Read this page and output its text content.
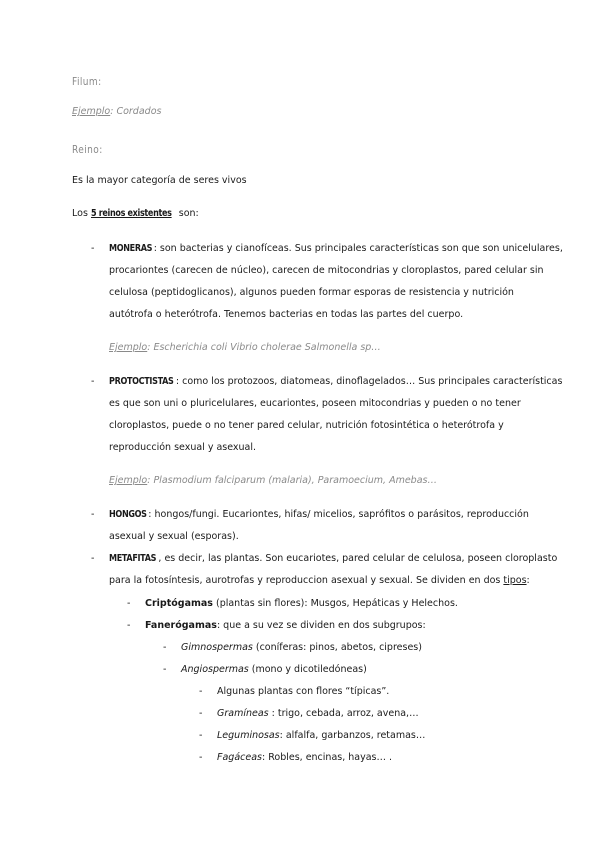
Filum:
Ejemplo: Cordados
Reino:
Es la mayor categoría de seres vivos
Los 5 reinos existentes son:
- MONERAS : son bacterias y cianofíceas. Sus principales características son que son unicelulares,
procariontes (carecen de núcleo), carecen de mitocondrias y cloroplastos, pared celular sin
celulosa (peptidoglicanos), algunos pueden formar esporas de resistencia y nutrición
autótrofa o heterótrofa. Tenemos bacterias en todas las partes del cuerpo.
Ejemplo: Escherichia coli Vibrio cholerae Salmonella sp…
- PROTOCTISTAS : como los protozoos, diatomeas, dinoflagelados… Sus principales características
es que son uni o pluricelulares, eucariontes, poseen mitocondrias y pueden o no tener
cloroplastos, puede o no tener pared celular, nutrición fotosintética o heterótrofa y
reproducción sexual y asexual.
Ejemplo: Plasmodium falciparum (malaria), Paramoecium, Amebas…
- HONGOS : hongos/fungi. Eucariontes, hifas/ micelios, saprófitos o parásitos, reproducción
asexual y sexual (esporas).
- METAFITAS , es decir, las plantas. Son eucariotes, pared celular de celulosa, poseen cloroplasto
para la fotosíntesis, aurotrofas y reproduccion asexual y sexual. Se dividen en dos tipos:
- Criptógamas (plantas sin flores): Musgos, Hepáticas y Helechos.
- Fanerógamas: que a su vez se dividen en dos subgrupos:
- Gimnospermas (coníferas: pinos, abetos, cipreses)
- Angiospermas (mono y dicotiledóneas)
- Algunas plantas con flores “típicas”.
- Gramíneas : trigo, cebada, arroz, avena,…
- Leguminosas: alfalfa, garbanzos, retamas…
- Fagáceas: Robles, encinas, hayas… .
